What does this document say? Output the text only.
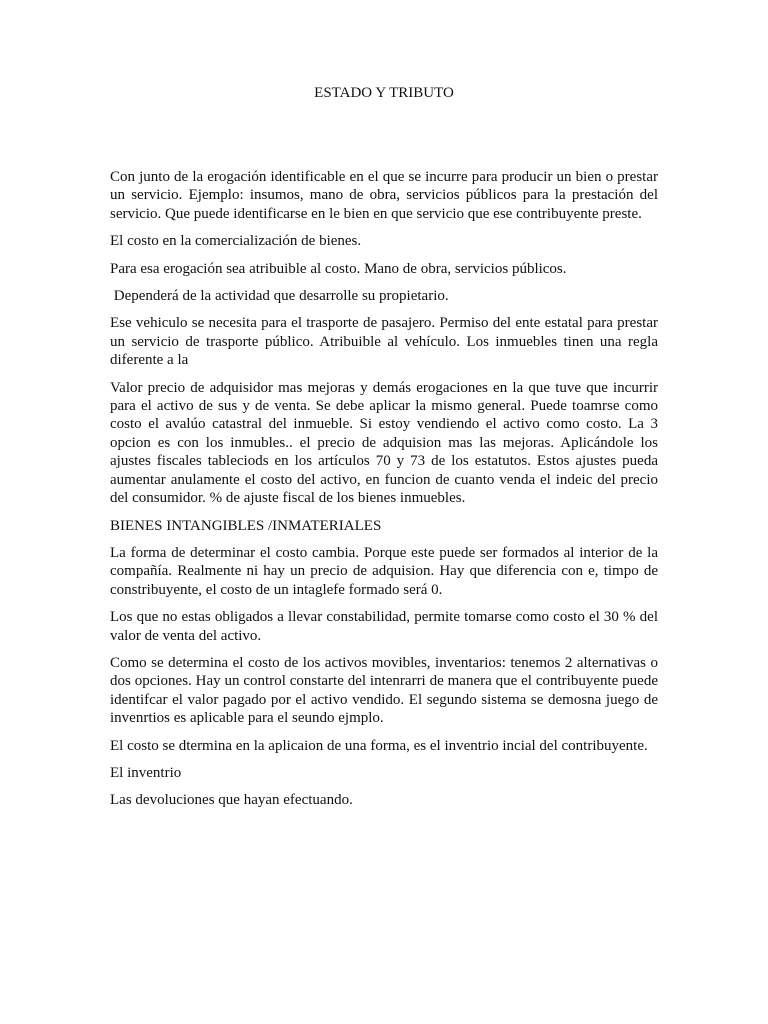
ESTADO Y TRIBUTO

Con junto de la erogación identificable en el que se incurre para producir un bien o prestar un servicio. Ejemplo: insumos, mano de obra, servicios públicos para la prestación del servicio. Que puede identificarse en le bien en que servicio que ese contribuyente preste.

El costo en la comercialización de bienes.

Para esa erogación sea atribuible al costo. Mano de obra, servicios públicos.

Dependerá de la actividad que desarrolle su propietario.

Ese vehiculo se necesita para el trasporte de pasajero. Permiso del ente estatal para prestar un servicio de trasporte público. Atribuible al vehículo. Los inmuebles tinen una regla diferente a la

Valor precio de adquisidor mas mejoras y demás erogaciones en la que tuve que incurrir para el activo de sus y de venta. Se debe aplicar la mismo general. Puede toamrse como costo el avalúo catastral del inmueble. Si estoy vendiendo el activo como costo. La 3 opcion es con los inmubles.. el precio de adquision mas las mejoras. Aplicándole los ajustes fiscales tableciods en los artículos 70 y 73 de los estatutos. Estos ajustes pueda aumentar anulamente el costo del activo, en funcion de cuanto venda el indeic del precio del consumidor. % de ajuste fiscal de los bienes inmuebles.

BIENES INTANGIBLES /INMATERIALES

La forma de determinar el costo cambia. Porque este puede ser formados al interior de la compañía. Realmente ni hay un precio de adquision. Hay que diferencia con e, timpo de constribuyente, el costo de un intaglefe formado será 0.

Los que no estas obligados a llevar constabilidad, permite tomarse como costo el 30 % del valor de venta del activo.

Como se determina el costo de los activos movibles, inventarios: tenemos 2 alternativas o dos opciones. Hay un control constarte del intenrarri de manera que el contribuyente puede identifcar el valor pagado por el activo vendido. El segundo sistema se demosna juego de invenrtios es aplicable para el seundo ejmplo.

El costo se dtermina en la aplicaion de una forma, es el inventrio incial del contribuyente.

El inventrio

Las devoluciones que hayan efectuando.
